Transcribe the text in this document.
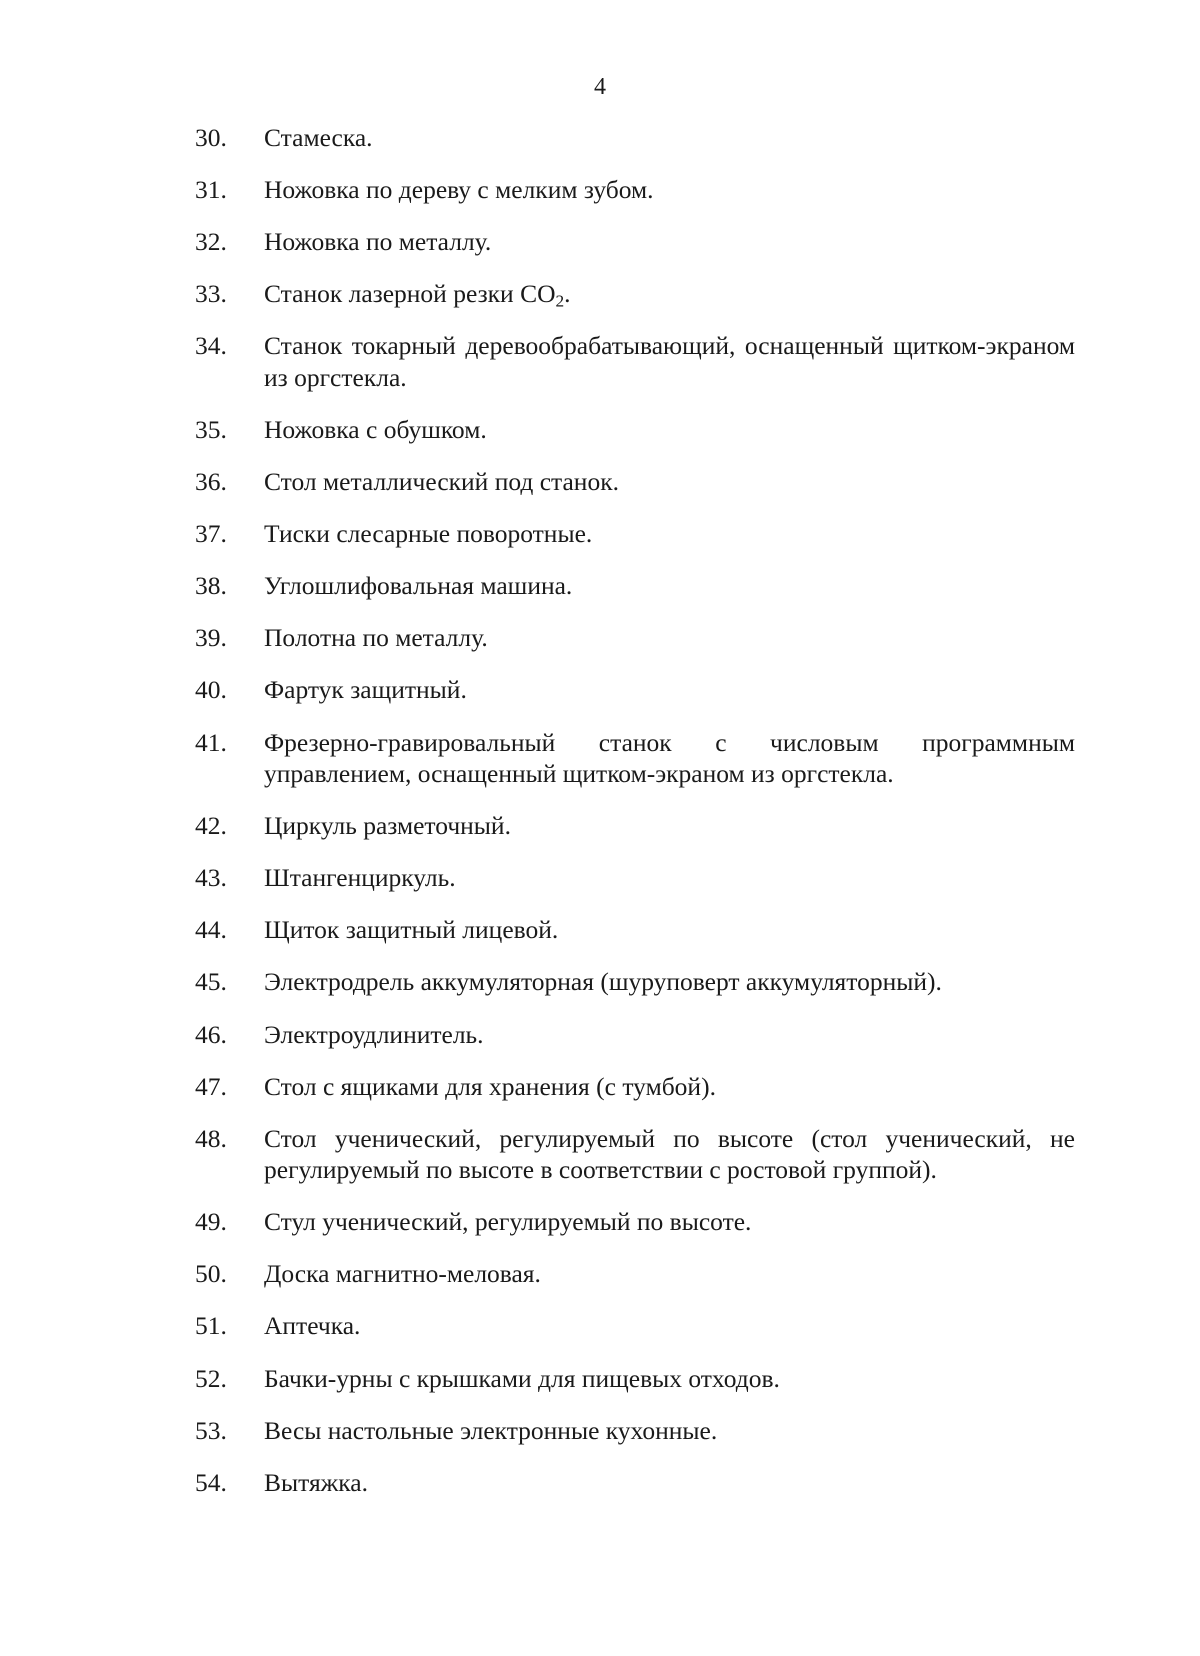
4
30.	Стамеска.
31.	Ножовка по дереву с мелким зубом.
32.	Ножовка по металлу.
33.	Станок лазерной резки $CO_2$.
34.	Станок токарный деревообрабатывающий, оснащенный щитком-экраном из оргстекла.
35.	Ножовка с обушком.
36.	Стол металлический под станок.
37.	Тиски слесарные поворотные.
38.	Углошлифовальная машина.
39.	Полотна по металлу.
40.	Фартук защитный.
41.	Фрезерно-гравировальный станок с числовым программным управлением, оснащенный щитком-экраном из оргстекла.
42.	Циркуль разметочный.
43.	Штангенциркуль.
44.	Щиток защитный лицевой.
45.	Электродрель аккумуляторная (шуруповерт аккумуляторный).
46.	Электроудлинитель.
47.	Стол с ящиками для хранения (с тумбой).
48.	Стол ученический, регулируемый по высоте (стол ученический, не регулируемый по высоте в соответствии с ростовой группой).
49.	Стул ученический, регулируемый по высоте.
50.	Доска магнитно-меловая.
51.	Аптечка.
52.	Бачки-урны с крышками для пищевых отходов.
53.	Весы настольные электронные кухонные.
54.	Вытяжка.
